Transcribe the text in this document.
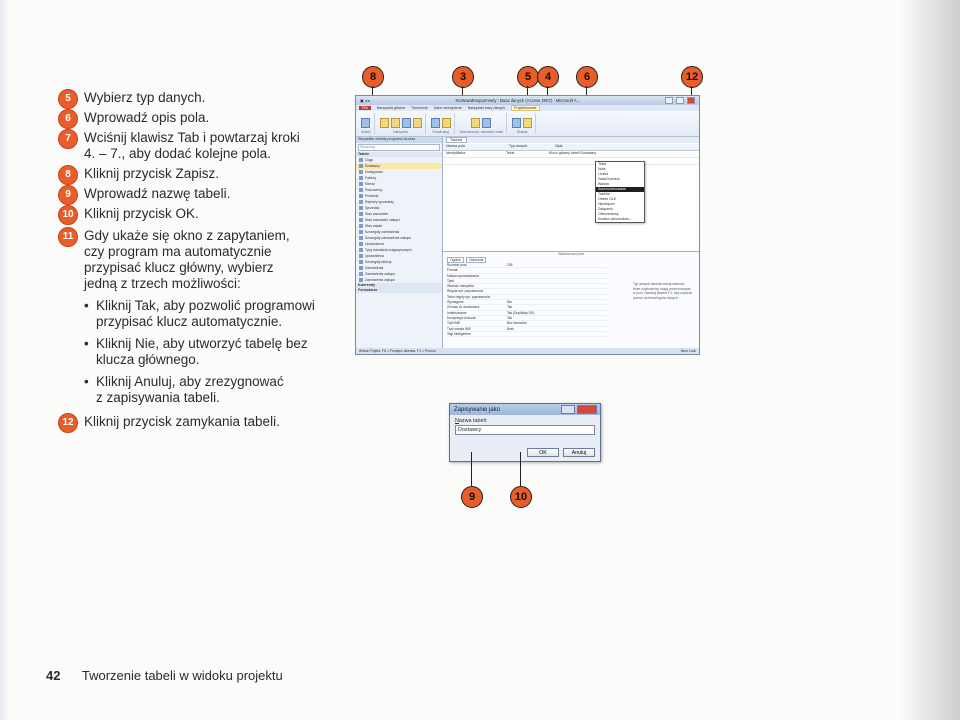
5 Wybierz typ danych.
6 Wprowadź opis pola.
7 Wciśnij klawisz Tab i powtarzaj kroki
4. – 7., aby dodać kolejne pola.
8 Kliknij przycisk Zapisz.
9 Wprowadź nazwę tabeli.
10 Kliknij przycisk OK.
11 Gdy ukaże się okno z zapytaniem,
czy program ma automatycznie
przypisać klucz główny, wybierz
jedną z trzech możliwości:
• Kliknij Tak, aby pozwolić programowi
przypisać klucz automatycznie.
• Kliknij Nie, aby utworzyć tabelę bez
klucza głównego.
• Kliknij Anuluj, aby zrezygnować
z zapisywania tabeli.
12 Kliknij przycisk zamykania tabeli.
8	3	5	4	6	12
▣ ◂ ▸	StoWuwdKsiparmnety : Baza danych (Access 2007) - Microsoft A...
Plik	Narzędzia główne Tworzenie Dane zewnętrzne Narzędzia bazy danych	Projektowanie
Widoki	Narzędzia	Pokaż/ukryj	Zdarzenia pól, rekordów i tabel	Relacje
Wszystkie obiekty programu Access
Wyszukaj...
Tabele
Ciągi
Dostawcy
Dostępność
Faktury
Klienci
Pracownicy
Produkty
Rejestry sprzedaży
Sprzedaż
Stan zamówień
Stan zamówień zakupu
Stan zadań
Szczegóły zamówienia
Szczegóły zamówienia zakupu
Uprawnienia
Typy transakcji magazynowych
Uprawnienia
Szczegóły faktury
Zamówienia
Zamówienia zakupu
Zamówienia zakupu
Kwerendy
Formularze
Tabela1
Nazwa pola	Typ danych	Opis
Identyfikator	Tekst	Klucz główny tabeli Dostawcy
Tekst
Nota
Liczba
Data/Godzina
Waluta
Autonumerowanie
Tak/Nie
Obiekt OLE
Hiperłącze
Załącznik
Obliczeniowy
Kreator odnośników...
Właściwości pola
Ogólne	Odnośnik
Rozmiar pola	255
Format
Maska wprowadzania
Tytuł
Wartość domyślna
Reguła spr. poprawności
Tekst reguły spr. poprawności
Wymagane	Nie
Zerowa dł. dozwolona	Tak
Indeksowane	Tak (Duplikaty OK)
Kompresja Unicode	Tak
Tryb IME	Bez formantu
Tryb zdania IME	Brak
Tagi inteligentne
Typ danych określa rodzaj wartości, które użytkownicy mogą przechowywać w polu. Naciśnij klawisz F1, aby uzyskać pomoc na temat typów danych.
Widok Projekt. F6 = Przełącz okienka. F1 = Pomoc.	Num Lock
Zapisywanie jako
Nazwa tabeli:
Dostawcy
OK	Anuluj
9	10
42 Tworzenie tabeli w widoku projektu
